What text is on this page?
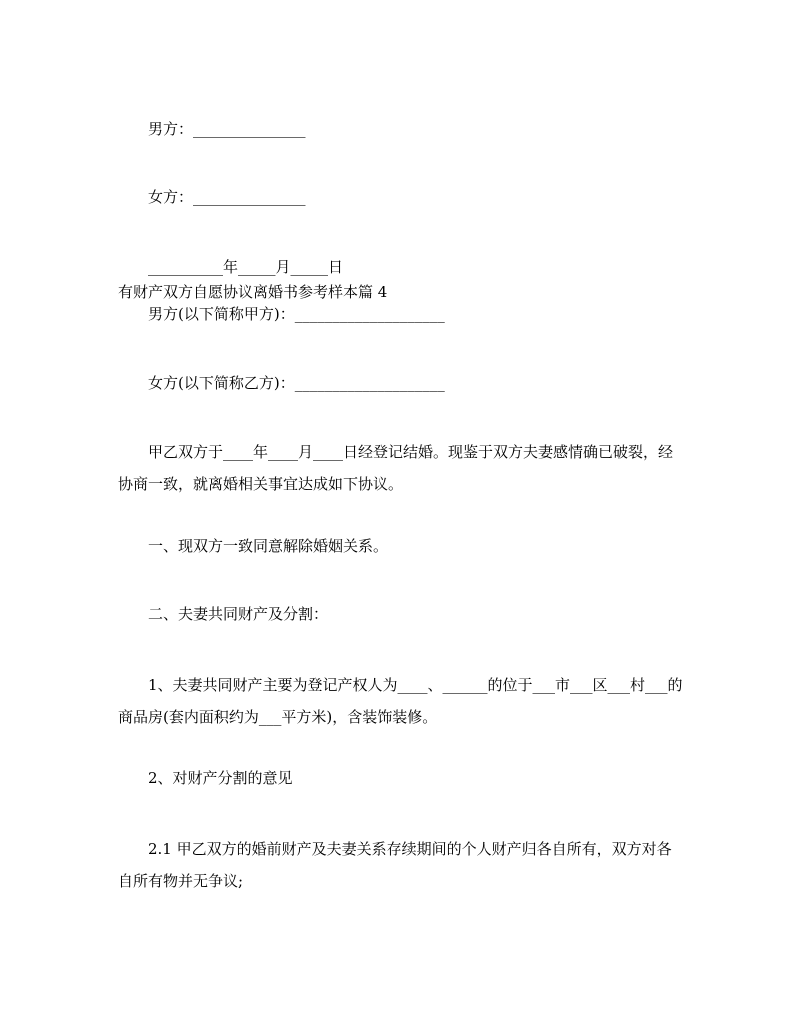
男方：_______________
女方：_______________
__________年_____月_____日
有财产双方自愿协议离婚书参考样本篇 4
男方(以下简称甲方)：____________________
女方(以下简称乙方)：____________________
甲乙双方于____年____月____日经登记结婚。现鉴于双方夫妻感情确已破裂，经协商一致，就离婚相关事宜达成如下协议。
一、现双方一致同意解除婚姻关系。
二、夫妻共同财产及分割：
1、夫妻共同财产主要为登记产权人为____、______的位于___市___区___村___的商品房(套内面积约为___平方米)，含装饰装修。
2、对财产分割的意见
2.1 甲乙双方的婚前财产及夫妻关系存续期间的个人财产归各自所有，双方对各自所有物并无争议;
